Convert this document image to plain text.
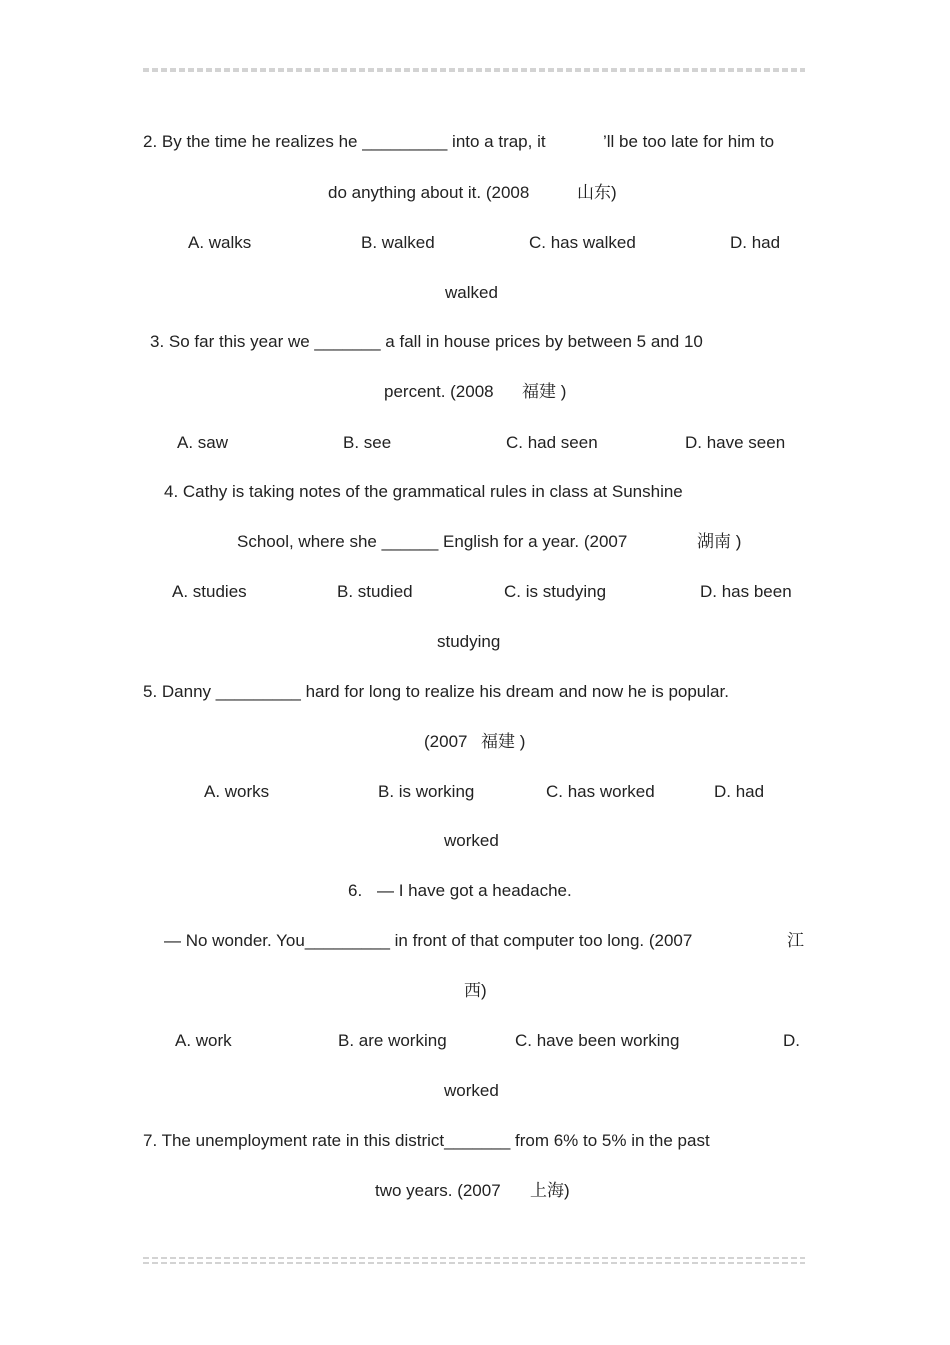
2. By the time he realizes he _________ into a trap, it	’ll be too late for him to
do anything about it. (2008	山东)
A. walks	B. walked	C. has walked	D. had
walked
3. So far this year we _______ a fall in house prices by between 5 and 10
percent. (2008 福建 )
A. saw	B. see	C. had seen	D. have seen
4. Cathy is taking notes of the grammatical rules in class at Sunshine
School, where she ______ English for a year. (2007	湖南 )
A. studies	B. studied	C. is studying	D. has been
studying
5. Danny _________ hard for long to realize his dream and now he is popular.
(2007 福建 )
A. works	B. is working	C. has worked	D. had
worked
6. — I have got a headache.
— No wonder. You_________ in front of that computer too long. (2007	江
西)
A. work	B. are working	C. have been working	D.
worked
7. The unemployment rate in this district_______ from 6% to 5% in the past
two years. (2007 上海)
